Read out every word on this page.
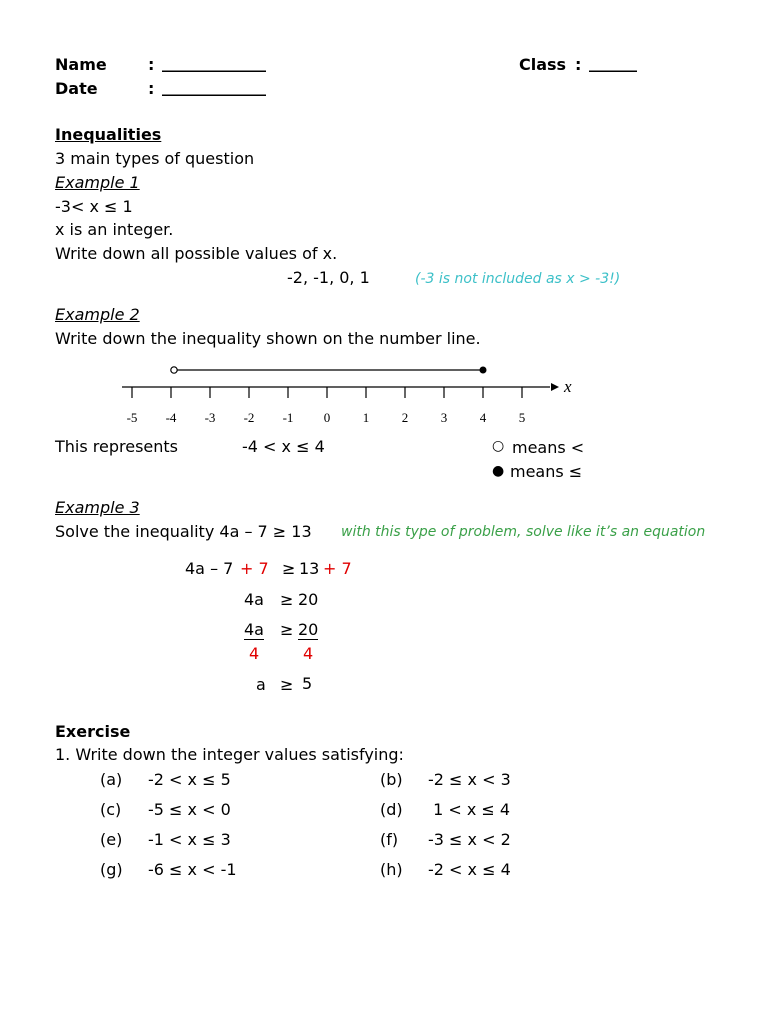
Name	: _____________
Date	: _____________
Class : ______
Inequalities
3 main types of question
Example 1
-3< x ≤ 1
x is an integer.
Write down all possible values of x.
-2, -1, 0, 1	(-3 is not included as x > -3!)
Example 2
Write down the inequality shown on the number line.
-5 -4 -3 -2 -1 0	1	2	3	4	5
x
This represents	-4 < x ≤ 4	○ means <
● means ≤
Example 3
Solve the inequality 4a – 7 ≥ 13 with this type of problem, solve like it’s an equation
4a – 7 + 7 ≥ 13 + 7
4a ≥ 20
4a ≥ 20
4	4
a ≥ 5
Exercise
1. Write down the integer values satisfying:
(a) -2 < x ≤ 5	(b) -2 ≤ x < 3
(c) -5 ≤ x < 0	(d) 1 < x ≤ 4
(e) -1 < x ≤ 3	(f) -3 ≤ x < 2
(g) -6 ≤ x < -1	(h) -2 < x ≤ 4
